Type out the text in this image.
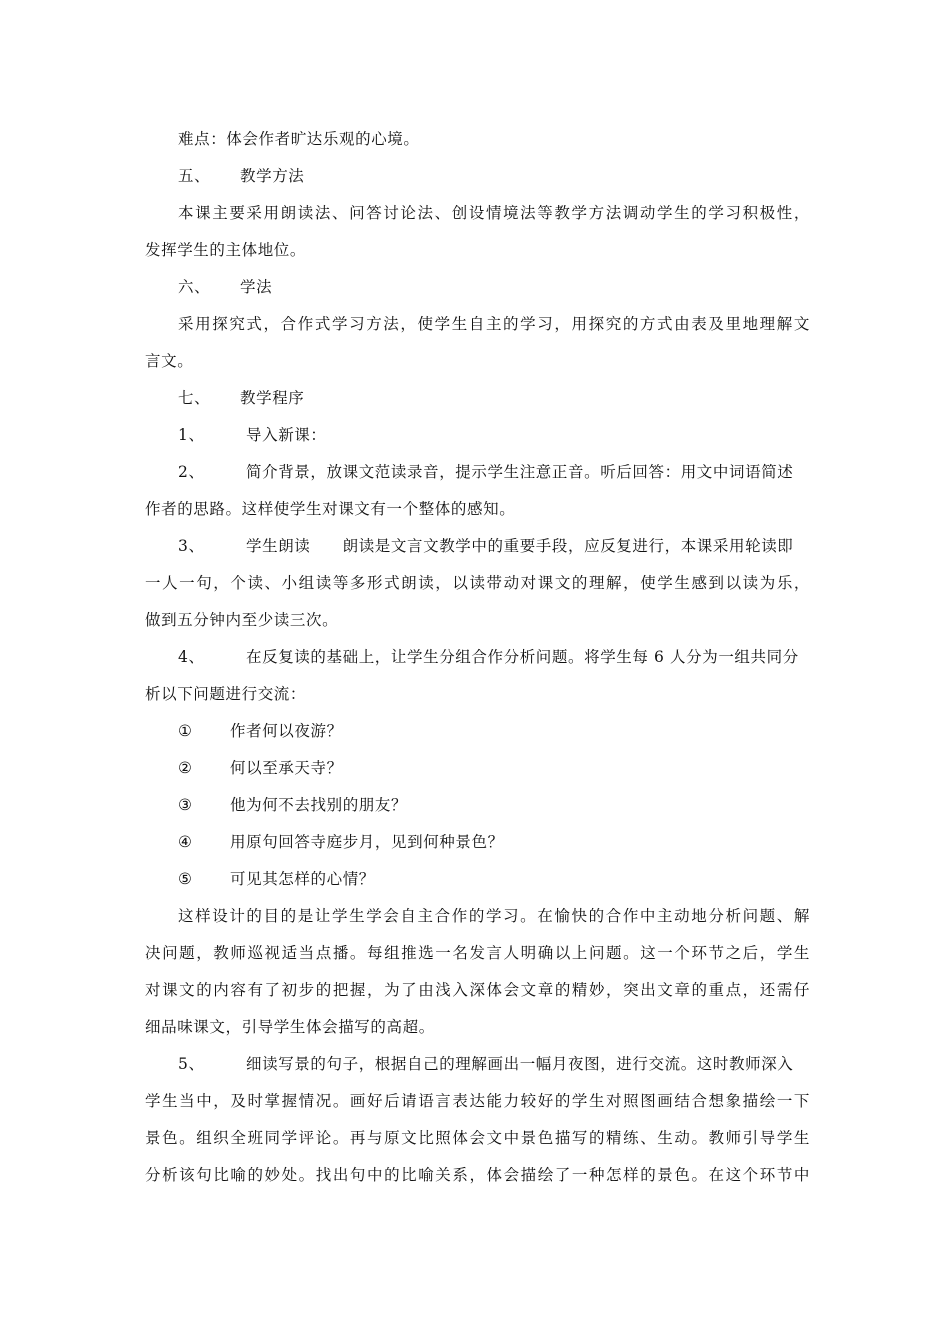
难点：体会作者旷达乐观的心境。
五、 教学方法
本课主要采用朗读法、问答讨论法、创设情境法等教学方法调动学生的学习积极性，
发挥学生的主体地位。
六、 学法
采用探究式，合作式学习方法，使学生自主的学习，用探究的方式由表及里地理解文
言文。
七、 教学程序
1、	导入新课：
2、	简介背景，放课文范读录音，提示学生注意正音。听后回答：用文中词语简述
作者的思路。这样使学生对课文有一个整体的感知。
3、	学生朗读　　朗读是文言文教学中的重要手段，应反复进行，本课采用轮读即
一人一句，个读、小组读等多形式朗读，以读带动对课文的理解，使学生感到以读为乐，
做到五分钟内至少读三次。
4、	在反复读的基础上，让学生分组合作分析问题。将学生每 6 人分为一组共同分
析以下问题进行交流：
① 作者何以夜游？
② 何以至承天寺？
③ 他为何不去找别的朋友？
④ 用原句回答寺庭步月，见到何种景色？
⑤ 可见其怎样的心情？
这样设计的目的是让学生学会自主合作的学习。在愉快的合作中主动地分析问题、解
决问题，教师巡视适当点播。每组推选一名发言人明确以上问题。这一个环节之后，学生
对课文的内容有了初步的把握，为了由浅入深体会文章的精妙，突出文章的重点，还需仔
细品味课文，引导学生体会描写的高超。
5、	细读写景的句子，根据自己的理解画出一幅月夜图，进行交流。这时教师深入
学生当中，及时掌握情况。画好后请语言表达能力较好的学生对照图画结合想象描绘一下
景色。组织全班同学评论。再与原文比照体会文中景色描写的精练、生动。教师引导学生
分析该句比喻的妙处。找出句中的比喻关系，体会描绘了一种怎样的景色。在这个环节中
